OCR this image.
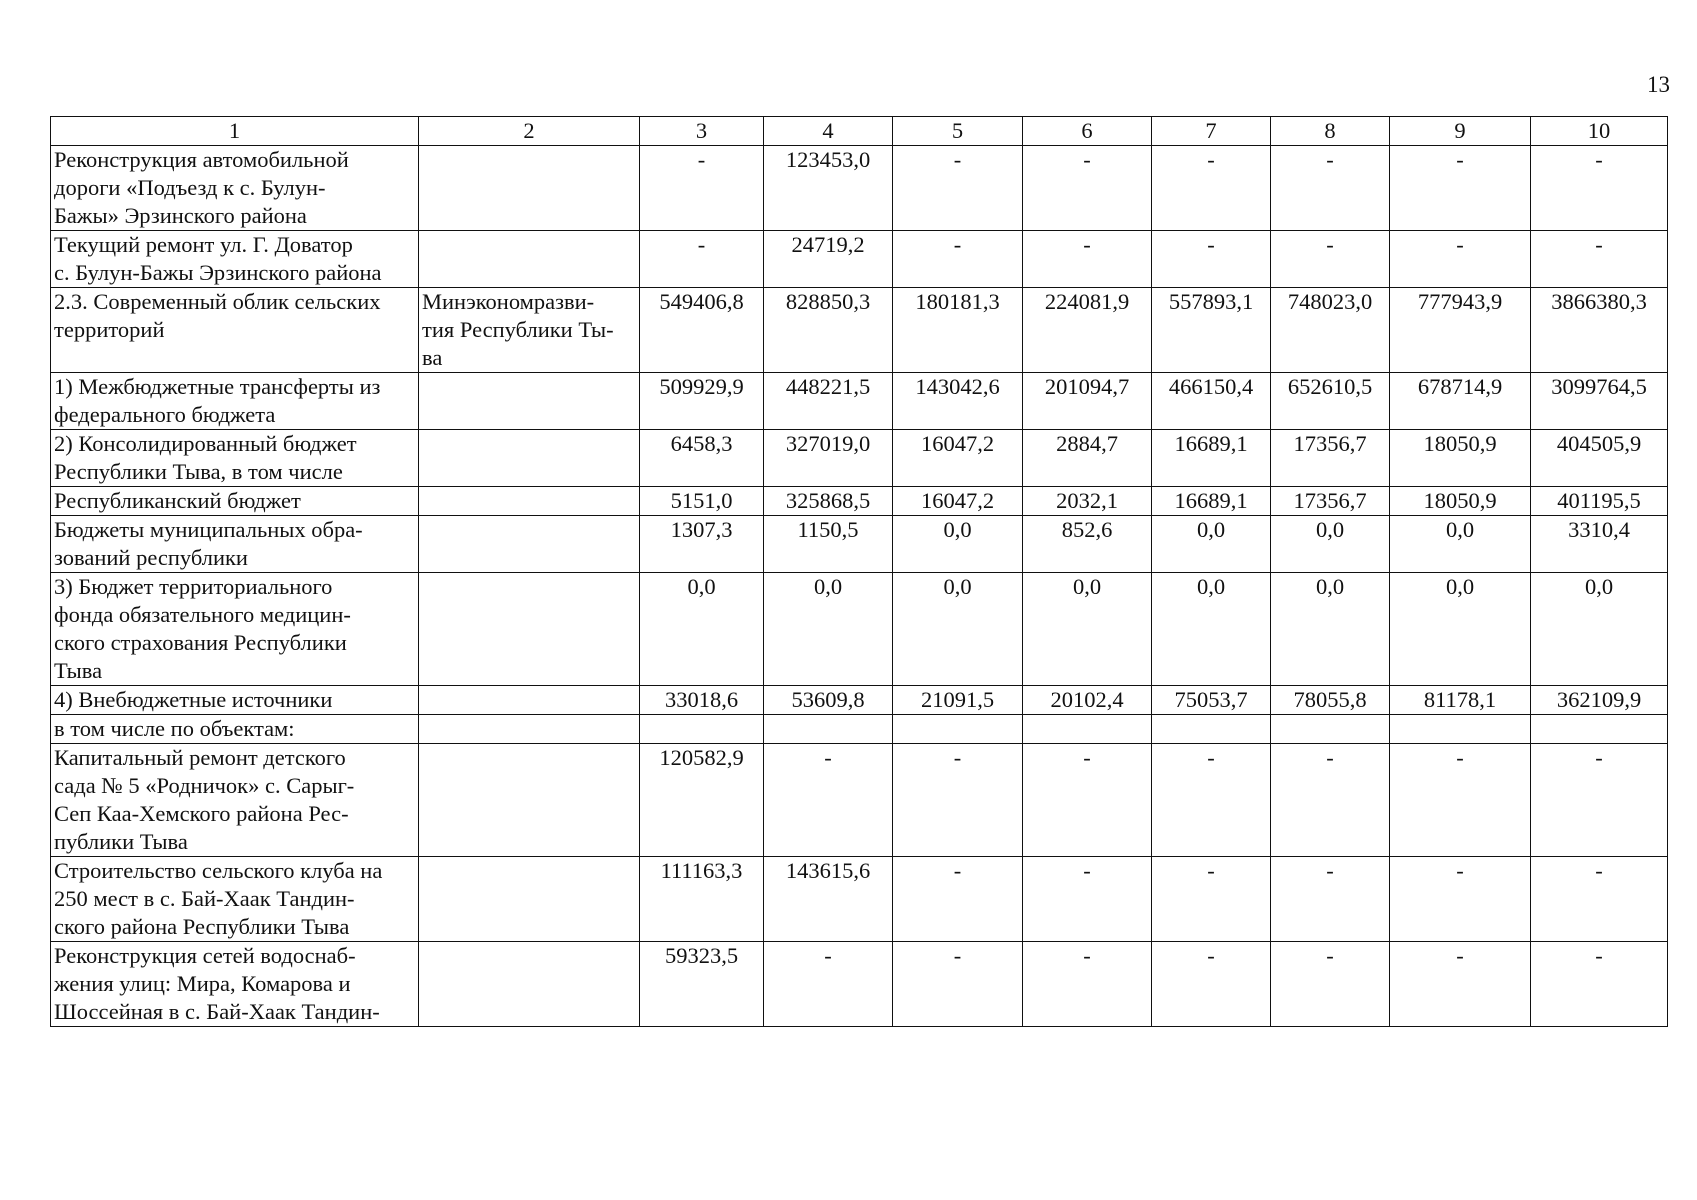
13
1	2	3	4	5	6	7	8	9	10
Реконструкция автомобильной
дороги «Подъезд к с. Булун-
Бажы» Эрзинского района		-	123453,0	-	-	-	-	-	-
Текущий ремонт ул. Г. Доватор
с. Булун-Бажы Эрзинского района		-	24719,2	-	-	-	-	-	-
2.3. Современный облик сельских
территорий	Минэкономразви-
тия Республики Ты-
ва	549406,8	828850,3	180181,3	224081,9	557893,1	748023,0	777943,9	3866380,3
1) Межбюджетные трансферты из
федерального бюджета		509929,9	448221,5	143042,6	201094,7	466150,4	652610,5	678714,9	3099764,5
2) Консолидированный бюджет
Республики Тыва, в том числе		6458,3	327019,0	16047,2	2884,7	16689,1	17356,7	18050,9	404505,9
Республиканский бюджет		5151,0	325868,5	16047,2	2032,1	16689,1	17356,7	18050,9	401195,5
Бюджеты муниципальных обра-
зований республики		1307,3	1150,5	0,0	852,6	0,0	0,0	0,0	3310,4
3) Бюджет территориального
фонда обязательного медицин-
ского страхования Республики
Тыва		0,0	0,0	0,0	0,0	0,0	0,0	0,0	0,0
4) Внебюджетные источники		33018,6	53609,8	21091,5	20102,4	75053,7	78055,8	81178,1	362109,9
в том числе по объектам:									
Капитальный ремонт детского
сада № 5 «Родничок» с. Сарыг-
Сеп Каа-Хемского района Рес-
публики Тыва		120582,9	-	-	-	-	-	-	-
Строительство сельского клуба на
250 мест в с. Бай-Хаак Тандин-
ского района Республики Тыва		111163,3	143615,6	-	-	-	-	-	-
Реконструкция сетей водоснаб-
жения улиц: Мира, Комарова и
Шоссейная в с. Бай-Хаак Тандин-		59323,5	-	-	-	-	-	-	-
